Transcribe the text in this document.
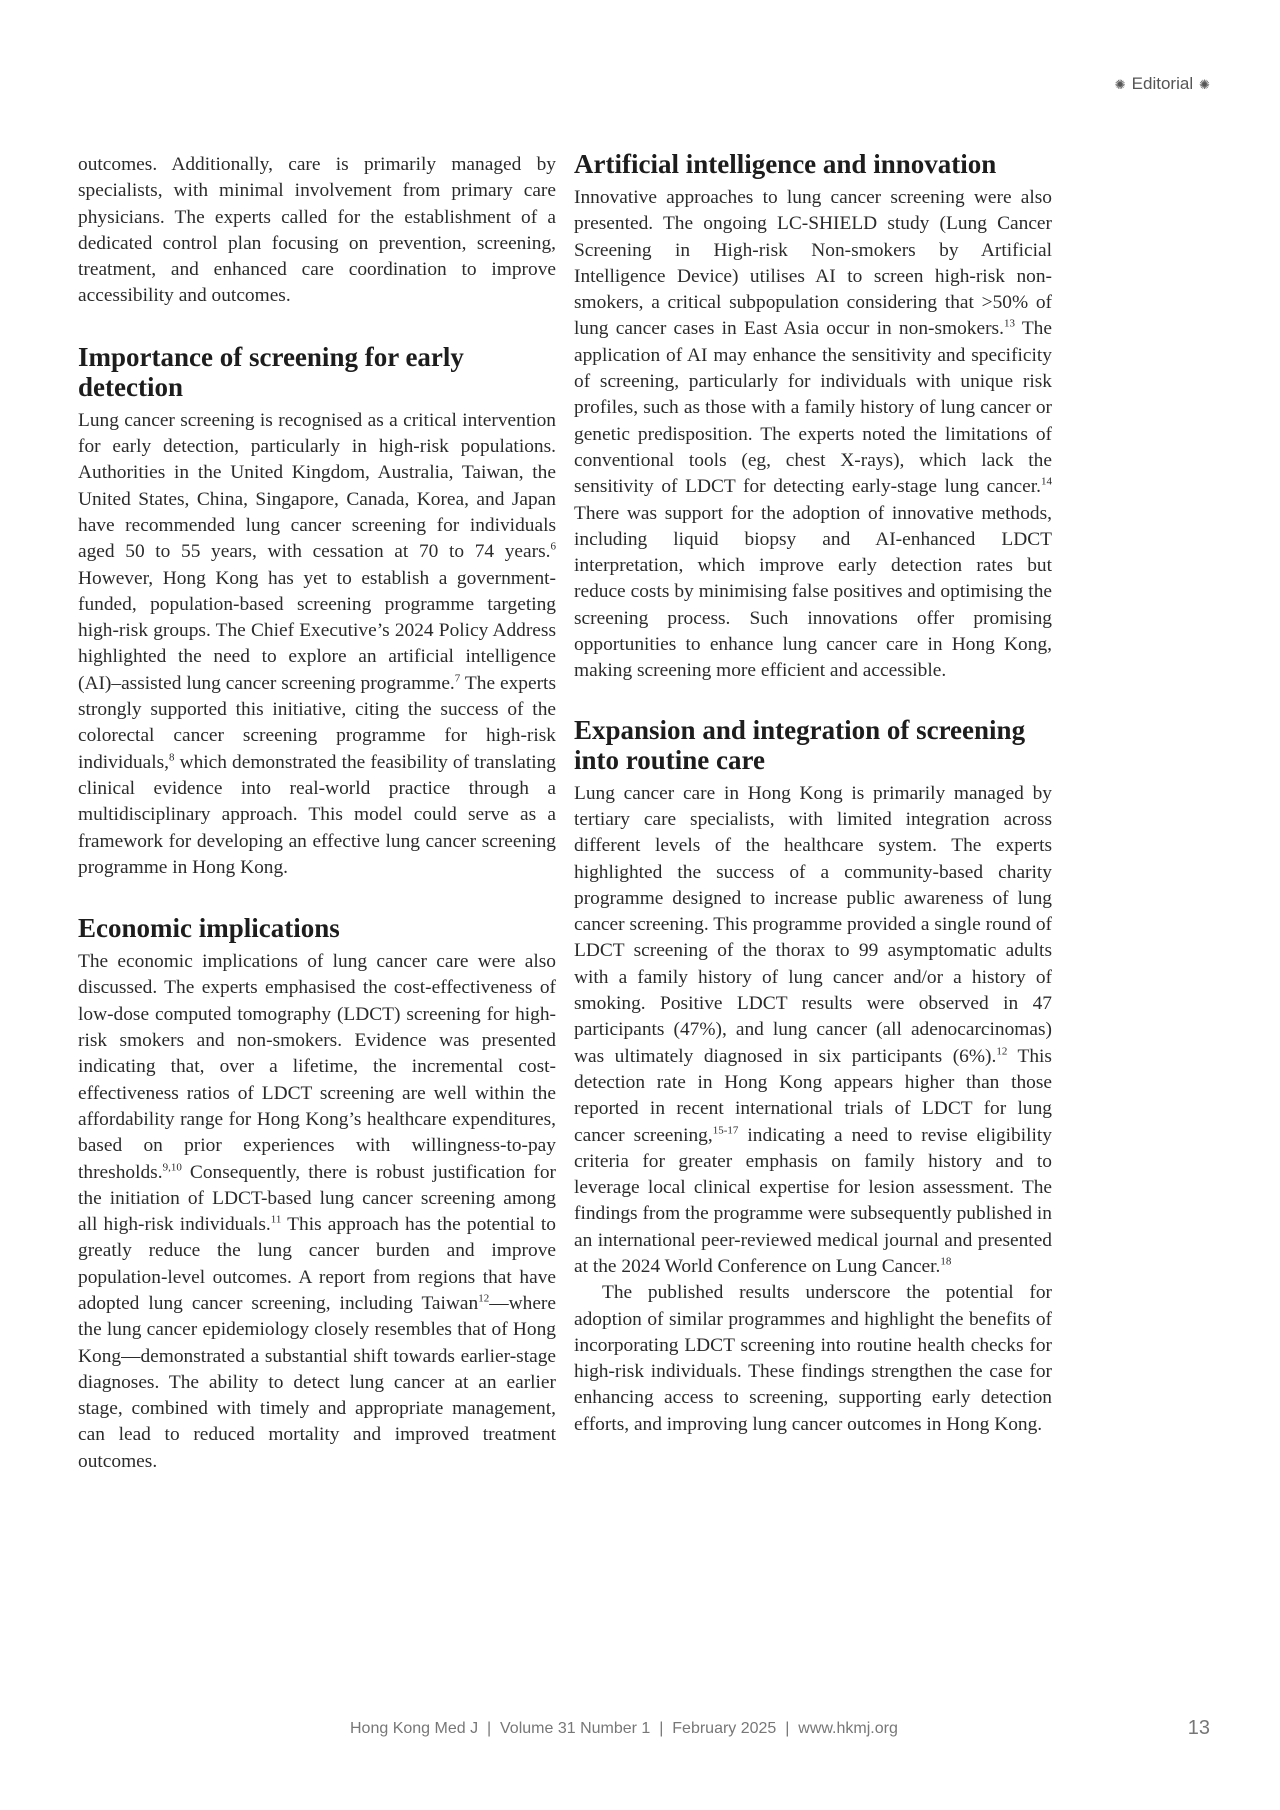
✺ Editorial ✺

outcomes. Additionally, care is primarily managed by specialists, with minimal involvement from primary care physicians. The experts called for the establishment of a dedicated control plan focusing on prevention, screening, treatment, and enhanced care coordination to improve accessibility and outcomes.

Importance of screening for early detection

Lung cancer screening is recognised as a critical intervention for early detection, particularly in high-risk populations. Authorities in the United Kingdom, Australia, Taiwan, the United States, China, Singapore, Canada, Korea, and Japan have recommended lung cancer screening for individuals aged 50 to 55 years, with cessation at 70 to 74 years.$^6$ However, Hong Kong has yet to establish a government-funded, population-based screening programme targeting high-risk groups. The Chief Executive’s 2024 Policy Address highlighted the need to explore an artificial intelligence (AI)–assisted lung cancer screening programme.$^7$ The experts strongly supported this initiative, citing the success of the colorectal cancer screening programme for high-risk individuals,$^8$ which demonstrated the feasibility of translating clinical evidence into real-world practice through a multidisciplinary approach. This model could serve as a framework for developing an effective lung cancer screening programme in Hong Kong.

Economic implications

The economic implications of lung cancer care were also discussed. The experts emphasised the cost-effectiveness of low-dose computed tomography (LDCT) screening for high-risk smokers and non-smokers. Evidence was presented indicating that, over a lifetime, the incremental cost-effectiveness ratios of LDCT screening are well within the affordability range for Hong Kong’s healthcare expenditures, based on prior experiences with willingness-to-pay thresholds.$^{9,10}$ Consequently, there is robust justification for the initiation of LDCT-based lung cancer screening among all high-risk individuals.$^{11}$ This approach has the potential to greatly reduce the lung cancer burden and improve population-level outcomes. A report from regions that have adopted lung cancer screening, including Taiwan$^{12}$—where the lung cancer epidemiology closely resembles that of Hong Kong—demonstrated a substantial shift towards earlier-stage diagnoses. The ability to detect lung cancer at an earlier stage, combined with timely and appropriate management, can lead to reduced mortality and improved treatment outcomes.

Artificial intelligence and innovation

Innovative approaches to lung cancer screening were also presented. The ongoing LC-SHIELD study (Lung Cancer Screening in High-risk Non-smokers by Artificial Intelligence Device) utilises AI to screen high-risk non-smokers, a critical subpopulation considering that >50% of lung cancer cases in East Asia occur in non-smokers.$^{13}$ The application of AI may enhance the sensitivity and specificity of screening, particularly for individuals with unique risk profiles, such as those with a family history of lung cancer or genetic predisposition. The experts noted the limitations of conventional tools (eg, chest X-rays), which lack the sensitivity of LDCT for detecting early-stage lung cancer.$^{14}$ There was support for the adoption of innovative methods, including liquid biopsy and AI-enhanced LDCT interpretation, which improve early detection rates but reduce costs by minimising false positives and optimising the screening process. Such innovations offer promising opportunities to enhance lung cancer care in Hong Kong, making screening more efficient and accessible.

Expansion and integration of screening into routine care

Lung cancer care in Hong Kong is primarily managed by tertiary care specialists, with limited integration across different levels of the healthcare system. The experts highlighted the success of a community-based charity programme designed to increase public awareness of lung cancer screening. This programme provided a single round of LDCT screening of the thorax to 99 asymptomatic adults with a family history of lung cancer and/or a history of smoking. Positive LDCT results were observed in 47 participants (47%), and lung cancer (all adenocarcinomas) was ultimately diagnosed in six participants (6%).$^{12}$ This detection rate in Hong Kong appears higher than those reported in recent international trials of LDCT for lung cancer screening,$^{15-17}$ indicating a need to revise eligibility criteria for greater emphasis on family history and to leverage local clinical expertise for lesion assessment. The findings from the programme were subsequently published in an international peer-reviewed medical journal and presented at the 2024 World Conference on Lung Cancer.$^{18}$

The published results underscore the potential for adoption of similar programmes and highlight the benefits of incorporating LDCT screening into routine health checks for high-risk individuals. These findings strengthen the case for enhancing access to screening, supporting early detection efforts, and improving lung cancer outcomes in Hong Kong.

Hong Kong Med J | Volume 31 Number 1 | February 2025 | www.hkmj.org	13
